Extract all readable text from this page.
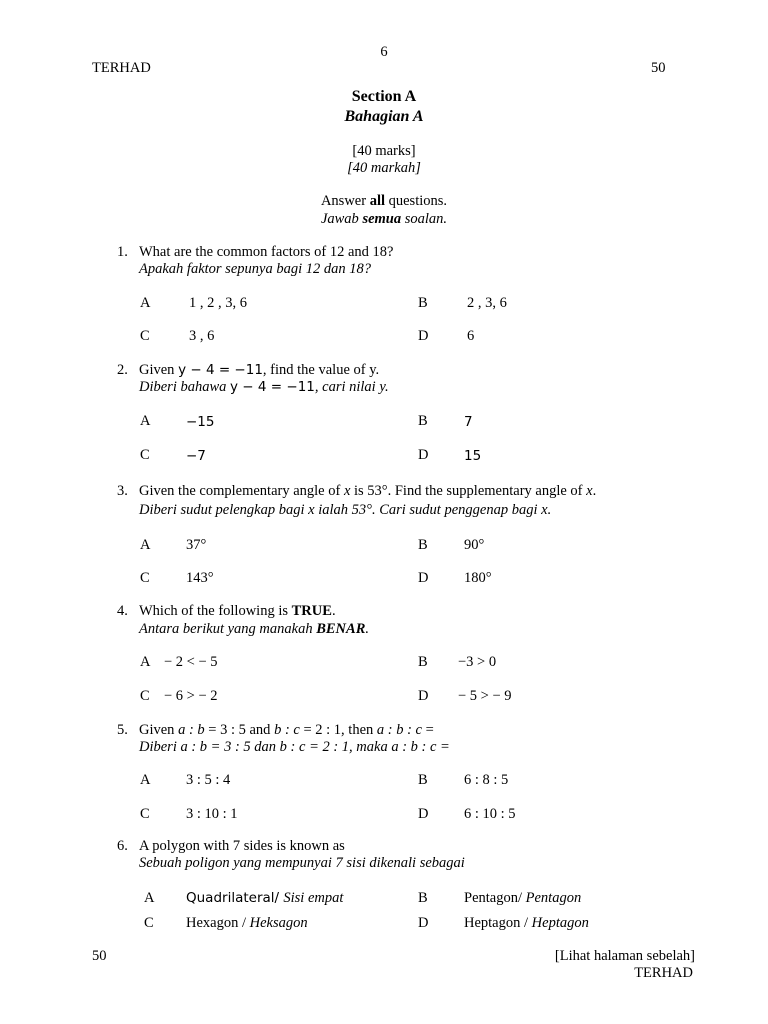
6
TERHAD	50
Section A
Bahagian A
[40 marks]
[40 markah]
Answer all questions.
Jawab semua soalan.
1. What are the common factors of 12 and 18?
Apakah faktor sepunya bagi 12 dan 18?
A	1 , 2 , 3, 6	B	2 , 3, 6
C	3 , 6	D	6
2. Given y − 4 = −11, find the value of y.
Diberi bahawa y − 4 = −11, cari nilai y.
A	−15	B	7
C	−7	D	15
3. Given the complementary angle of x is 53°. Find the supplementary angle of x.
Diberi sudut pelengkap bagi x ialah 53°. Cari sudut penggenap bagi x.
A 37°	B	90°
C	143°	D 180°
4. Which of the following is TRUE.
Antara berikut yang manakah BENAR.
A − 2 < − 5	B −3 > 0
C − 6 > − 2	D − 5 > − 9
5. Given a : b = 3 : 5 and b : c = 2 : 1, then a : b : c =
Diberi a : b = 3 : 5 dan b : c = 2 : 1, maka a : b : c =
A 3 : 5 : 4	B	6 : 8 : 5
C	3 : 10 : 1	D 6 : 10 : 5
6. A polygon with 7 sides is known as
Sebuah poligon yang mempunyai 7 sisi dikenali sebagai
A Quadrilateral/ Sisi empat	B	Pentagon/ Pentagon
C Hexagon / Heksagon	D Heptagon / Heptagon
50	[Lihat halaman sebelah]
TERHAD
